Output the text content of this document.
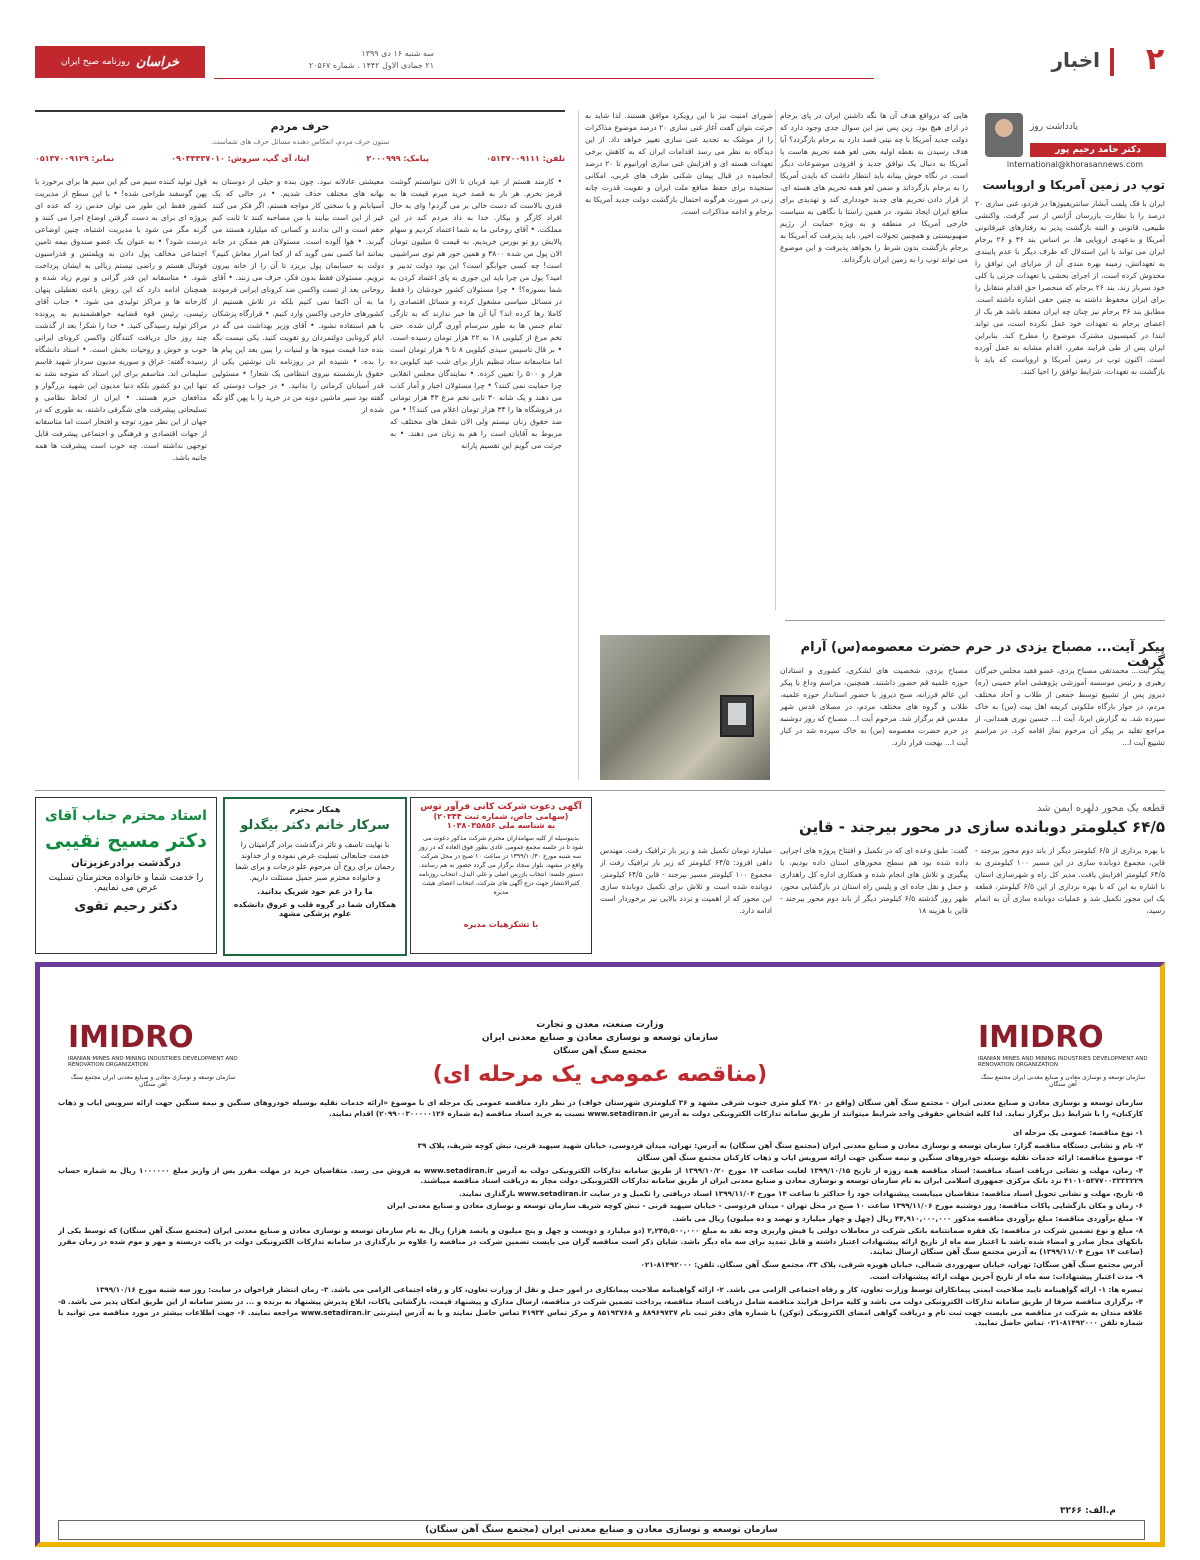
۲
اخبار
سه شنبه ۱۶ دی ۱۳۹۹
۲۱ جمادی الاول ۱۴۴۲ . شماره ۲۰۵۶۷
خراسان
روزنامه صبح ایران
یادداشت روز
دکتر حامد رحیم پور
international@khorasannews.com
توپ در زمین آمریکا و اروپاست
ایران با فک پلمب آبشار سانتریفیوژها در فردو، غنی سازی ۲۰ درصد را با نظارت بازرسان آژانس از سر گرفت. واکنشی طبیعی، قانونی و البته بازگشت پذیر به رفتارهای غیرقانونی آمریکا و بدعهدی اروپایی ها. بر اساس بند ۳۶ و ۲۶ برجام ایران می تواند با این استدلال که طرف دیگر با عدم پایبندی به تعهداتش، زمینه بهره مندی آن از مزایای این توافق را مخدوش کرده است، از اجرای بخشی یا تعهدات جزئی یا کلی خود سرباز زند. بند ۲۶ برجام که منحصرا حق اقدام متقابل را برای ایران محفوظ داشته به چنین حقی اشاره داشته است. مطابق بند ۳۶ برجام نیز چنان چه ایران معتقد باشد هر یک از اعضای برجام به تعهدات خود عمل نکرده است، می تواند ابتدا در کمیسیون مشترک موضوع را مطرح کند. بنابراین ایران پس از طی فرایند مقرر، اقدام مشابه به عمل آورده است. اکنون توپ در زمین آمریکا و اروپاست که باید با بازگشت به تعهدات، شرایط توافق را احیا کنند.
هایی که درواقع هدف آن ها نگه داشتن ایران در پای برجام در ازای هیچ بود. زین پس نیز این سوال جدی وجود دارد که دولت جدید آمریکا با چه نیتی قصد دارد به برجام بازگردد؟ آیا هدف رسیدن به نقطه اولیه یعنی لغو همه تحریم هاست یا آمریکا به دنبال یک توافق جدید و افزودن موضوعات دیگر است. در نگاه خوش بینانه باید انتظار داشت که بایدن آمریکا را به برجام بازگرداند و ضمن لغو همه تحریم های هسته ای، از قرار دادن تحریم های جدید خودداری کند و تهدیدی برای منافع ایران ایجاد نشود. در همین راستا با نگاهی به سیاست خارجی آمریکا در منطقه و به ویژه حمایت از رژیم صهیونیستی و همچنین تحولات اخیر، باید پذیرفت که آمریکا به برجام بازگشت بدون شرط را نخواهد پذیرفت و این موضوع می تواند توپ را به زمین ایران بازگرداند.
شورای امنیت نیز با این رویکرد موافق هستند. لذا شاید به جرئت بتوان گفت آغاز غنی سازی ۲۰ درصد موضوع مذاکرات را از موشک به تجدید غنی سازی تغییر خواهد داد. از این دیدگاه به نظر می رسد اقدامات ایران که به کاهش برخی تعهدات هسته ای و افزایش غنی سازی اورانیوم تا ۲۰ درصد انجامیده در قبال پیمان شکنی طرف های غربی، امکانی سنجیده برای حفظ منافع ملت ایران و تقویت قدرت چانه زنی در صورت هرگونه احتمال بازگشت دولت جدید آمریکا به برجام و ادامه مذاکرات است.
حرف مردم
ستون حرف مردم، انعکاس دهنده مسائل حرف های شماست.
تلفن: ۰۵۱۳۷۰۰۹۱۱۱
پیامک: ۲۰۰۰۹۹۹
ایتا، آی گپ، سروش: ۰۹۰۳۳۳۳۷۰۱۰
نمابر: ۰۵۱۳۷۰۰۹۱۲۹
• کارمند هستم از عید قربان تا الان نتوانستم گوشت قرمز بخرم. هر بار به قصد خرید میرم قیمت ها به قدری بالاست که دست خالی بر می گردم! وای به حال افراد کارگر و بیکار. خدا به داد مردم کند در این مملکت. • آقای روحانی ما به شما اعتماد کردیم و سهام پالایش رو تو بورس خریدیم. به قیمت ۵ میلیون تومان الان پول من شده ۳۸۰۰ و همین جور هم توی سراشیبی است! چه کسی جوابگو است؟ این بود دولت تدبیر و امید؟ پول من چرا باید این جوری به پای اعتماد کردن به شما بسوزه؟! • چرا مسئولان کشور خودشان را فقط در مسائل سیاسی مشغول کرده و مسائل اقتصادی را کاملا رها کرده اند؟ آیا آن ها خبر ندارند که به تازگی تمام جنس ها به طور سرسام آوری گران شده. حتی تخم مرغ از کیلویی ۱۸ به ۲۲ هزار تومان رسیده است. • بر قال تاسیس سیدی کیلویی ۸ تا ۹ هزار تومان است اما متاسفانه ستاد تنظیم بازار برای شب عید کیلویی ده هزار و ۵۰۰ را تعیین کرده. • نمایندگان مجلس انقلابی چرا حمایت نمی کنند؟ • چرا مسئولان اخبار و آمار کذب می دهند و یک شانه ۳۰ تایی تخم مرغ ۴۳ هزار تومانی در فروشگاه ها را ۳۴ هزار تومان اعلام می کنند؟! • من ضد حقوق زنان نیستم ولی الان شغل های مختلف که مربوط به آقایان است را هم به زنان می دهند. • به جرئت می گویم این تقسیم پارانه
معیشتی عادلانه نبود. چون بنده و خیلی از دوستان به بهانه های مختلف حذف شدیم. • در حالی که یک آسیابانم و با سختی کار مواجه هستم، اگر فکر می کنند غیر از این است بیایند با من مصاحبه کنند تا ثابت کنم حقم است و الی ندادند و کسانی که میلیارد هستند می گیرند. • هوا آلوده است. مسئولان هم ممکن در خانه بمانند اما کسی نمی گوید که از کجا امرار معاش کنیم؟ دولت به حسابمان پول بریزد تا آن را از خانه بیرون نرویم. مسئولان فقط بدون فکر، حرف می زنند. • آقای روحانی بعد از تست واکسن ضد کرونای ایرانی فرمودند ما به آن اکتفا نمی کنیم بلکه در تلاش هستیم از کشورهای خارجی واکسن وارد کنیم. • قرارگاه پزشکان با هم استفاده نشود. • آقای وزیر بهداشت می گه در ایام کرونایی دولتمردان رو تقویت کنید. یکی نیست بگه بنده خدا قیمت میوه ها و لبنیات را ببین بعد این پیام ها را بده. • شنیده ام در روزنامه تان نوشتین یکی از حقوق بازنشسته نیروی انتظامی یک شعار! • مسئولین قدر آسیابان کرمانی را بدانید. • در جواب دوستی که گفته بود سیر ماشین دونه من در خرید را با پهن گاو نگه شده از
قول تولید کننده سیم می گم این سیم ها برای برخورد با پهن گوسفند طراحی شده! • با این سطح از مدیریت کشور فقط این طور می توان حدس زد که عده ای پروژه ای برای به دست گرفتن اوضاع اجرا می کنند و گرنه مگر می شود با مدیریت اشتباه، چنین اوضاعی درست شود؟ • به عنوان یک عضو صندوق بیمه تامین اجتماعی مخالف پول دادن به ویلمتس و فدراسیون فوتبال هستم و راضی نیستم ریالی به ایشان پرداخت شود. • متاسفانه این قدر گرانی و تورم زیاد شده و همچنان ادامه دارد که این روش باعث تعطیلی پنهان کارخانه ها و مراکز تولیدی می شود. • جناب آقای رئیسی، رئیس قوه قضاییه خواهشمندیم به پرونده مراکز تولید رسیدگی کنید. • خدا را شکر! بعد از گذشت چند روز حال دریافت کنندگان واکسن کرونای ایرانی خوب و خوش و روحیات بخش است. • استاد دانشگاه رسیده گفته: عراق و سوریه مدیون سردار شهید قاسم سلیمانی اند. متاسفم برای این استاد که متوجه نشد نه تنها این دو کشور بلکه دنیا مدیون این شهید بزرگوار و مدافعان حرم هستند. • ایران از لحاظ نظامی و تسلیحاتی پیشرفت های شگرفی داشته، به طوری که در جهان از این نظر مورد توجه و افتخار است اما متاسفانه از جهات اقتصادی و فرهنگی و اجتماعی پیشرفت قابل توجهی نداشته است. چه خوب است پیشرفت ها همه جانبه باشد.
پیکر آیت... مصباح یزدی در حرم حضرت معصومه(س) آرام گرفت
پیکر آیت... محمدتقی مصباح یزدی، عضو فقید مجلس خبرگان رهبری و رئیس موسسه آموزشی پژوهشی امام خمینی (ره) دیروز پس از تشییع توسط جمعی از طلاب و آحاد مختلف مردم، در جوار بارگاه ملکوتی کریمه اهل بیت (س) به خاک سپرده شد. به گزارش ایرنا، آیت ا... حسین نوری همدانی، از مراجع تقلید بر پیکر آن مرحوم نماز اقامه کرد. در مراسم تشییع آیت ا...
مصباح یزدی، شخصیت های لشکری، کشوری و استادان حوزه علمیه قم حضور داشتند. همچنین، مراسم وداع با پیکر این عالم فرزانه، صبح دیروز با حضور استاندار حوزه علمیه، طلاب و گروه های مختلف مردم، در مصلای قدس شهر مقدس قم برگزار شد. مرحوم آیت ا... مصباح که روز دوشنبه در حرم حضرت معصومه (س) به خاک سپرده شد در کنار آیت ا... بهجت قرار دارد.
قطعه یک محور دلهره ایمن شد
۶۴/۵ کیلومتر دوبانده سازی در محور بیرجند - قاین
با بهره برداری از ۶/۵ کیلومتر دیگر از باند دوم محور بیرجند - قاین، مجموع دوبانده سازی در این مسیر ۱۰۰ کیلومتری به ۶۴/۵ کیلومتر افزایش یافت. مدیر کل راه و شهرسازی استان با اشاره به این که با بهره برداری از این ۶/۵ کیلومتر، قطعه یک این محور تکمیل شد و عملیات دوبانده سازی آن به اتمام رسید،
گفت: طبق وعده ای که در تکمیل و افتتاح پروژه های اجرایی داده شده بود هم سطح محورهای استان داده بودیم، با پیگیری و تلاش های انجام شده و همکاری اداره کل راهداری و حمل و نقل جاده ای و پلیس راه استان در بازگشایی محور، ظهر روز گذشته ۶/۵ کیلومتر دیگر از باند دوم محور بیرجند - قاین با هزینه ۱۸
میلیارد تومان تکمیل شد و زیر بار ترافیک رفت. مهندس داهی افزود: ۶۴/۵ کیلومتر که زیر بار ترافیک رفت از مجموع ۱۰۰ کیلومتر مسیر بیرجند - قاین ۶۴/۵ کیلومتر، دوبانده شده است و تلاش برای تکمیل دوبانده سازی این محور که از اهمیت و تردد بالایی نیز برخوردار است ادامه دارد.
استاد محترم جناب آقای
دکتر مسیح نقیبی
درگذشت برادرعزیزتان
را خدمت شما و خانواده محترمتان تسلیت عرض می نماییم.
دکتر رحیم تقوی
همکار محترم
سرکار خانم دکتر بیگدلو
با نهایت تاسف و تاثر درگذشت برادر گرامیتان را خدمت جنابعالی تسلیت عرض نموده و از خداوند رحمان برای روح آن مرحوم علو درجات و برای شما و خانواده محترم صبر جمیل مسئلت داریم.
ما را در غم خود شریک بدانید.
همکاران شما در گروه قلب و عروق دانشکده علوم پزشکی مشهد
آگهی دعوت شرکت کانی فرآور توس
(سهامی خاص، شماره ثبت ۲۰۳۴۴)
به شناسه ملی ۱۰۳۸۰۳۵۸۵۶
بدینوسیله از کلیه سهامداران محترم شرکت مذکور دعوت می شود تا در جلسه مجمع عمومی عادی بطور فوق العاده که در روز سه شنبه مورخ ۱۳۹۹/۱۰/۳۰ در ساعت ۱۰ صبح در محل شرکت واقع در مشهد، بلوار سجاد برگزار می گردد حضور به هم رسانند. دستور جلسه: انتخاب بازرس اصلی و علی البدل، انتخاب روزنامه کثیرالانتشار جهت درج آگهی های شرکت، انتخاب اعضای هیئت مدیره
با تشکرهیات مدیره
IMIDRO
IRANIAN MINES AND MINING INDUSTRIES DEVELOPMENT AND RENOVATION ORGANIZATION
سازمان توسعه و نوسازی معادن و صنایع معدنی ایران مجتمع سنگ آهن سنگان
IMIDRO
IRANIAN MINES AND MINING INDUSTRIES DEVELOPMENT AND RENOVATION ORGANIZATION
سازمان توسعه و نوسازی معادن و صنایع معدنی ایران مجتمع سنگ آهن سنگان
وزارت صنعت، معدن و تجارت
سازمان توسعه و نوسازی معادن و صنایع معدنی ایران
مجتمع سنگ آهن سنگان
(مناقصه عمومی یک مرحله ای)
سازمان توسعه و نوسازی معادن و صنایع معدنی ایران - مجتمع سنگ آهن سنگان (واقع در ۲۸۰ کیلو متری جنوب شرقی مشهد و ۳۶ کیلومتری شهرستان خواف) در نظر دارد مناقصه عمومی یک مرحله ای با موضوع «ارائه خدمات نقلیه بوسیله خودروهای سنگین و نیمه سنگین جهت ارائه سرویس ایاب و ذهاب کارکنان» را با شرایط ذیل برگزار نماید. لذا کلیه اشخاص حقوقی واجد شرایط میتوانند از طریق سامانه تدارکات الکترونیکی دولت به آدرس www.setadiran.ir نسبت به خرید اسناد مناقصه (به شماره ۲۰۹۹۰۰۳۰۰۰۰۰۱۲۶) اقدام نمایند.
۱- نوع مناقصه: عمومی یک مرحله ای
۲- نام و نشانی دستگاه مناقصه گزار: سازمان توسعه و نوسازی معادن و صنایع معدنی ایران (مجتمع سنگ آهن سنگان) به آدرس: تهران، میدان فردوسی، خیابان شهید سپهبد قرنی، نبش کوچه شریف، پلاک ۳۹
۳- موضوع مناقصه: ارائه خدمات نقلیه بوسیله خودروهای سنگین و نیمه سنگین جهت ارائه سرویس ایاب و ذهاب کارکنان مجتمع سنگ آهن سنگان
۴- زمان، مهلت و نشانی دریافت اسناد مناقصه: اسناد مناقصه همه روزه از تاریخ ۱۳۹۹/۱۰/۱۵ لغایت ساعت ۱۴ مورخ ۱۳۹۹/۱۰/۲۰ از طریق سامانه تدارکات الکترونیکی دولت به آدرس www.setadiran.ir به فروش می رسد. متقاضیان خرید در مهلت مقرر پس از واریز مبلغ ۱۰۰۰۰۰۰ ریال به شماره حساب ۴۱۰۱۰۵۳۷۷۰۰۳۳۳۳۲۲۹ نزد بانک مرکزی جمهوری اسلامی ایران به نام سازمان توسعه و نوسازی معادن و صنایع معدنی ایران از طریق سامانه تدارکات الکترونیکی دولت مجاز به دریافت اسناد مناقصه میباشند.
۵- تاریخ، مهلت و نشانی تحویل اسناد مناقصه: متقاضیان میبایست پیشنهادات خود را حداکثر تا ساعت ۱۴ مورخ ۱۳۹۹/۱۱/۰۴ اسناد دریافتی را تکمیل و در سایت www.setadiran.ir بارگذاری نمایند.
۶- زمان و مکان بازگشایی پاکات مناقصه: روز دوشنبه مورخ ۱۳۹۹/۱۱/۰۶ ساعت ۱۰ صبح در محل تهران - میدان فردوسی - خیابان سپهبد قرنی - نبش کوچه شریف سازمان توسعه و نوسازی معادن و صنایع معدنی ایران
۷- مبلغ برآوردی مناقصه: مبلغ برآوردی مناقصه مذکور ۴۴,۹۱۰,۰۰۰,۰۰۰ ریال (چهل و چهار میلیارد و نهصد و ده میلیون) ریال می باشد.
۸- مبلغ و نوع تضمین شرکت در مناقصه: یک فقره ضمانتنامه بانکی شرکت در معاملات دولتی یا فیش واریزی وجه نقد به مبلغ ۲,۲۴۵,۵۰۰,۰۰۰ (دو میلیارد و دویست و چهل و پنج میلیون و پانصد هزار) ریال به نام سازمان توسعه و نوسازی معادن و صنایع معدنی ایران (مجتمع سنگ آهن سنگان) که توسط یکی از بانکهای مجاز صادر و امضاء شده باشد با اعتبار سه ماه از تاریخ ارائه پیشنهادات اعتبار داشته و قابل تمدید برای سه ماه دیگر باشد. شایان ذکر است مناقصه گران می بایست تضمین شرکت در مناقصه را علاوه بر بارگذاری در سامانه تدارکات الکترونیکی دولت در پاکت دربسته و مهر و موم شده در زمان مقرر (ساعت ۱۴ مورخ ۱۳۹۹/۱۱/۰۴) به آدرس مجتمع سنگ آهن سنگان ارسال نمایند.
آدرس مجتمع سنگ آهن سنگان: تهران، خیابان سهروردی شمالی، خیابان هویزه شرقی، پلاک ۳۳، مجتمع سنگ آهن سنگان. تلفن: ۸۱۴۹۲۰۰۰-۰۲۱
۹- مدت اعتبار پیشنهادات: سه ماه از تاریخ آخرین مهلت ارائه پیشنهادات است.
تبصره ها: ۱- ارائه گواهینامه تایید صلاحیت ایمنی پیمانکاران توسط وزارت تعاون، کار و رفاه اجتماعی الزامی می باشد. ۲- ارائه گواهینامه صلاحیت پیمانکاری در امور حمل و نقل از وزارت تعاون، کار و رفاه اجتماعی الزامی می باشد. ۳- زمان انتشار فراخوان در سایت: روز سه شنبه مورخ ۱۳۹۹/۱۰/۱۶
۴- برگزاری مناقصه صرفا از طریق سامانه تدارکات الکترونیکی دولت می باشد و کلیه مراحل فرایند مناقصه شامل دریافت اسناد مناقصه، پرداخت تضمین شرکت در مناقصه، ارسال مدارک و پیشنهاد قیمت، بازگشایی پاکات، ابلاغ پذیرش پیشنهاد به برنده و ... در بستر سامانه از این طریق امکان پذیر می باشد. ۵- علاقه مندان به شرکت در مناقصه می بایست جهت ثبت نام و دریافت گواهی امضای الکترونیکی (توکن) با شماره های دفتر ثبت نام ۸۸۹۶۹۷۳۷ و ۸۵۱۹۳۷۶۸ و مرکز تماس ۴۱۹۳۴ تماس حاصل نمایند و یا به آدرس اینترنتی www.setadiran.ir مراجعه نمایند. ۶- جهت اطلاعات بیشتر در مورد مناقصه می توانید با شماره تلفن ۸۱۴۹۲۰۰۰-۰۲۱ تماس حاصل نمایید.
سازمان توسعه و نوسازی معادن و صنایع معدنی ایران (مجتمع سنگ آهن سنگان)
م.الف: ۳۲۶۶
